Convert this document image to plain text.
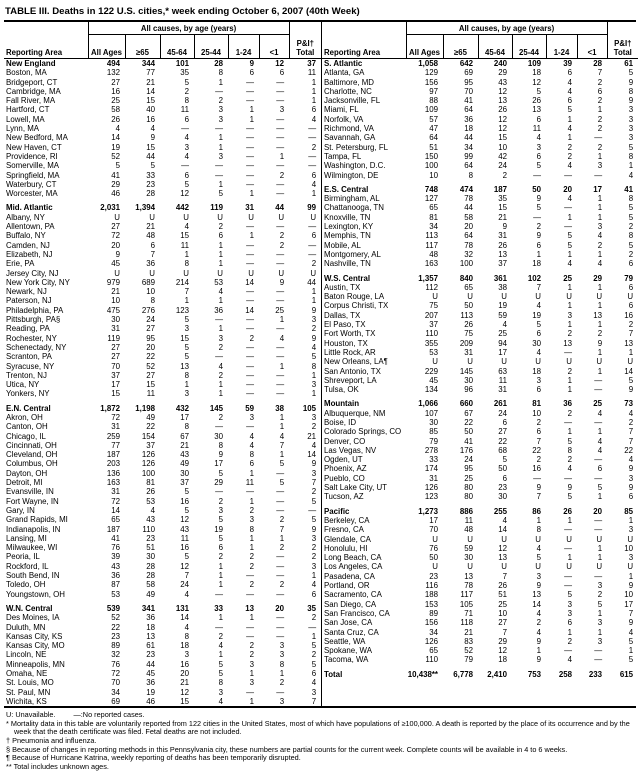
TABLE III. Deaths in 122 U.S. cities,* week ending October 6, 2007 (40th Week)
	All causes, by age (years)						
Reporting Area	All Ages	≥65	45-64	25-44	1-24	<1	P&I† Total
New England	494	344	101	28	9	12	37
Boston, MA	132	77	35	8	6	6	11
Bridgeport, CT	27	21	5	1	—	—	1
Cambridge, MA	16	14	2	—	—	—	1
Fall River, MA	25	15	8	2	—	—	1
Hartford, CT	58	40	11	3	1	3	6
Lowell, MA	26	16	6	3	1	—	4
Lynn, MA	4	4	—	—	—	—	—
New Bedford, MA	14	9	4	1	—	—	—
New Haven, CT	19	15	3	1	—	—	2
Providence, RI	52	44	4	3	—	1	—
Somerville, MA	5	5	—	—	—	—	—
Springfield, MA	41	33	6	—	—	2	6
Waterbury, CT	29	23	5	1	—	—	4
Worcester, MA	46	28	12	5	1	—	1

Mid. Atlantic	2,031	1,394	442	119	31	44	99
Albany, NY	U	U	U	U	U	U	U
Allentown, PA	27	21	4	2	—	—	—
Buffalo, NY	72	48	15	6	1	2	6
Camden, NJ	20	6	11	1	—	2	—
Elizabeth, NJ	9	7	1	1	—	—	—
Erie, PA	45	36	8	1	—	—	2
Jersey City, NJ	U	U	U	U	U	U	U
New York City, NY	979	689	214	53	14	9	44
Newark, NJ	21	10	7	4	—	—	1
Paterson, NJ	10	8	1	1	—	—	1
Philadelphia, PA	475	276	123	36	14	25	9
Pittsburgh, PA§	30	24	5	—	—	1	3
Reading, PA	31	27	3	1	—	—	2
Rochester, NY	119	95	15	3	2	4	9
Schenectady, NY	27	20	5	2	—	—	4
Scranton, PA	27	22	5	—	—	—	5
Syracuse, NY	70	52	13	4	—	1	8
Trenton, NJ	37	27	8	2	—	—	1
Utica, NY	17	15	1	1	—	—	3
Yonkers, NY	15	11	3	1	—	—	1

E.N. Central	1,872	1,198	432	145	59	38	105
Akron, OH	72	49	17	2	3	1	3
Canton, OH	31	22	8	—	—	1	2
Chicago, IL	259	154	67	30	4	4	21
Cincinnati, OH	77	37	21	8	4	7	4
Cleveland, OH	187	126	43	9	8	1	14
Columbus, OH	203	126	49	17	6	5	9
Dayton, OH	136	100	30	5	1	—	3
Detroit, MI	163	81	37	29	11	5	7
Evansville, IN	31	26	5	—	—	—	2
Fort Wayne, IN	72	53	16	2	1	—	5
Gary, IN	14	4	5	3	2	—	—
Grand Rapids, MI	65	43	12	5	3	2	5
Indianapolis, IN	187	110	43	19	8	7	9
Lansing, MI	41	23	11	5	1	1	3
Milwaukee, WI	76	51	16	6	1	2	2
Peoria, IL	39	30	5	2	2	—	2
Rockford, IL	43	28	12	1	2	—	3
South Bend, IN	36	28	7	1	—	—	1
Toledo, OH	87	58	24	1	2	2	4
Youngstown, OH	53	49	4	—	—	—	6

W.N. Central	539	341	131	33	13	20	35
Des Moines, IA	52	36	14	1	1	—	2
Duluth, MN	22	18	4	—	—	—	—
Kansas City, KS	23	13	8	2	—	—	1
Kansas City, MO	89	61	18	4	2	3	5
Lincoln, NE	32	23	3	1	2	3	2
Minneapolis, MN	76	44	16	5	3	8	5
Omaha, NE	72	45	20	5	1	1	6
St. Louis, MO	70	36	21	8	3	2	4
St. Paul, MN	34	19	12	3	—	—	3
Wichita, KS	69	46	15	4	1	3	7
	All causes, by age (years)						
Reporting Area	All Ages	≥65	45-64	25-44	1-24	<1	P&I† Total
S. Atlantic	1,058	642	240	109	39	28	61
Atlanta, GA	129	69	29	18	6	7	5
Baltimore, MD	156	95	43	12	4	2	9
Charlotte, NC	97	70	12	5	4	6	8
Jacksonville, FL	88	41	13	26	6	2	9
Miami, FL	109	64	26	13	5	1	3
Norfolk, VA	57	36	12	6	1	2	3
Richmond, VA	47	18	12	11	4	2	3
Savannah, GA	64	44	15	4	1	—	3
St. Petersburg, FL	51	34	10	3	2	2	5
Tampa, FL	150	99	42	6	2	1	8
Washington, D.C.	100	64	24	5	4	3	1
Wilmington, DE	10	8	2	—	—	—	4

E.S. Central	748	474	187	50	20	17	41
Birmingham, AL	127	78	35	9	4	1	8
Chattanooga, TN	65	44	15	5	—	1	5
Knoxville, TN	81	58	21	—	1	1	5
Lexington, KY	34	20	9	2	—	3	2
Memphis, TN	113	64	31	9	5	4	8
Mobile, AL	117	78	26	6	5	2	5
Montgomery, AL	48	32	13	1	1	1	2
Nashville, TN	163	100	37	18	4	4	6

W.S. Central	1,357	840	361	102	25	29	79
Austin, TX	112	65	38	7	1	1	6
Baton Rouge, LA	U	U	U	U	U	U	U
Corpus Christi, TX	75	50	19	4	1	1	6
Dallas, TX	207	113	59	19	3	13	16
El Paso, TX	37	26	4	5	1	1	2
Fort Worth, TX	110	75	25	6	2	2	7
Houston, TX	355	209	94	30	13	9	13
Little Rock, AR	53	31	17	4	—	1	1
New Orleans, LA¶	U	U	U	U	U	U	U
San Antonio, TX	229	145	63	18	2	1	14
Shreveport, LA	45	30	11	3	1	—	5
Tulsa, OK	134	96	31	6	1	—	9

Mountain	1,066	660	261	81	36	25	73
Albuquerque, NM	107	67	24	10	2	4	4
Boise, ID	30	22	6	2	—	—	2
Colorado Springs, CO	85	50	27	6	1	1	7
Denver, CO	79	41	22	7	5	4	7
Las Vegas, NV	278	176	68	22	8	4	22
Ogden, UT	33	24	5	2	2	—	4
Phoenix, AZ	174	95	50	16	4	6	9
Pueblo, CO	31	25	6	—	—	—	3
Salt Lake City, UT	126	80	23	9	9	5	9
Tucson, AZ	123	80	30	7	5	1	6

Pacific	1,273	886	255	86	26	20	85
Berkeley, CA	17	11	4	1	1	—	1
Fresno, CA	70	48	14	8	—	—	3
Glendale, CA	U	U	U	U	U	U	U
Honolulu, HI	76	59	12	4	—	1	10
Long Beach, CA	50	30	13	5	1	1	3
Los Angeles, CA	U	U	U	U	U	U	U
Pasadena, CA	23	13	7	3	—	—	1
Portland, OR	116	78	26	9	—	3	9
Sacramento, CA	188	117	51	13	5	2	10
San Diego, CA	153	105	25	14	3	5	17
San Francisco, CA	89	71	10	4	3	1	7
San Jose, CA	156	118	27	2	6	3	9
Santa Cruz, CA	34	21	7	4	1	1	4
Seattle, WA	126	83	29	9	2	3	5
Spokane, WA	65	52	12	1	—	—	1
Tacoma, WA	110	79	18	9	4	—	5

Total	10,438**	6,778	2,410	753	258	233	615

U: Unavailable. —:No reported cases.

* Mortality data in this table are voluntarily reported from 122 cities in the United States, most of which have populations of ≥100,000. A death is reported by the place of its occurrence and by the week that the death certificate was filed. Fetal deaths are not included.

† Pneumonia and influenza.

§ Because of changes in reporting methods in this Pennsylvania city, these numbers are partial counts for the current week. Complete counts will be available in 4 to 6 weeks.

¶ Because of Hurricane Katrina, weekly reporting of deaths has been temporarily disrupted.

** Total includes unknown ages.
